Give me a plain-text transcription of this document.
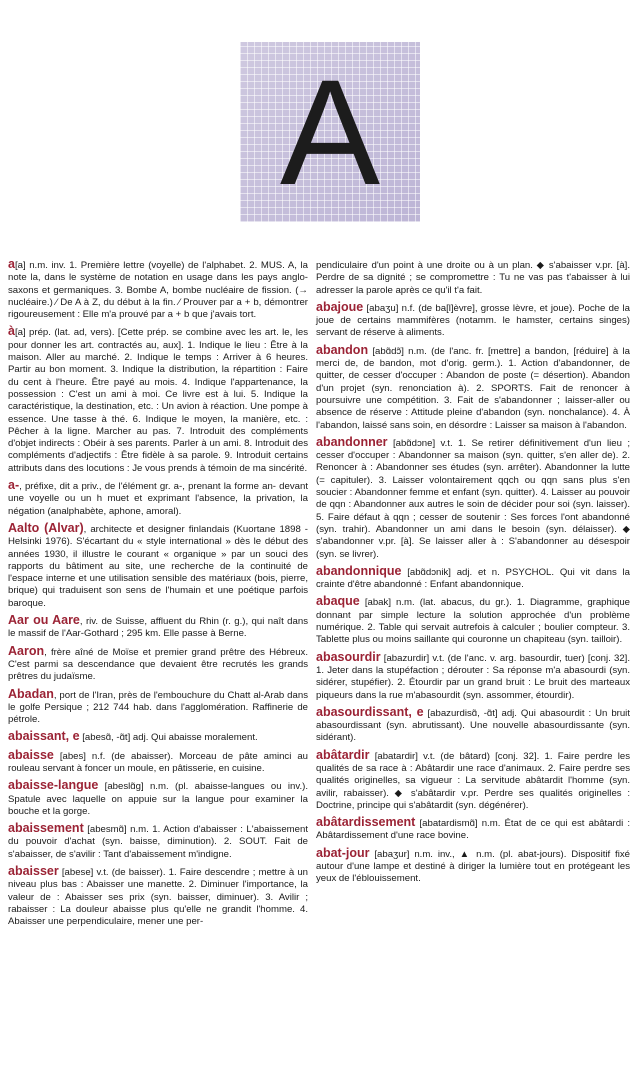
A
a[a] n.m. inv. 1. Première lettre (voyelle) de l'alphabet. 2. MUS. A, la note la, dans le système de notation en usage dans les pays anglo-saxons et germaniques. 3. Bombe A, bombe nucléaire de fission. (→ nucléaire.) ⁄ De A à Z, du début à la fin. ⁄ Prouver par a + b, démontrer rigoureusement : Elle m'a prouvé par a + b que j'avais tort.
à[a] prép. (lat. ad, vers). [Cette prép. se combine avec les art. le, les pour donner les art. contractés au, aux]. 1. Indique le lieu : Être à la maison. Aller au marché. 2. Indique le temps : Arriver à 6 heures. Partir au bon moment. 3. Indique la distribution, la répartition : Faire du cent à l'heure. Être payé au mois. 4. Indique l'appartenance, la possession : C'est un ami à moi. Ce livre est à lui. 5. Indique la caractéristique, la destination, etc. : Un avion à réaction. Une pompe à essence. Une tasse à thé. 6. Indique le moyen, la manière, etc. : Pêcher à la ligne. Marcher au pas. 7. Introduit des compléments d'objet indirects : Obéir à ses parents. Parler à un ami. 8. Introduit des compléments d'adjectifs : Être fidèle à sa parole. 9. Introduit certains attributs dans des locutions : Je vous prends à témoin de ma sincérité.
a-, préfixe, dit a priv., de l'élément gr. a-, prenant la forme an- devant une voyelle ou un h muet et exprimant l'absence, la privation, la négation (analphabète, aphone, amoral).
Aalto (Alvar), architecte et designer finlandais (Kuortane 1898 - Helsinki 1976). S'écartant du « style international » dès le début des années 1930, il illustre le courant « organique » par un souci des rapports du bâtiment au site, une recherche de la continuité de l'espace interne et une utilisation sensible des matériaux (bois, pierre, brique) qui traduisent son sens de l'humain et une poétique parfois baroque.
Aar ou Aare, riv. de Suisse, affluent du Rhin (r. g.), qui naît dans le massif de l'Aar-Gothard ; 295 km. Elle passe à Berne.
Aaron, frère aîné de Moïse et premier grand prêtre des Hébreux. C'est parmi sa descendance que devaient être recrutés les grands prêtres du judaïsme.
Abadan, port de l'Iran, près de l'embouchure du Chatt al-Arab dans le golfe Persique ; 212 744 hab. dans l'agglomération. Raffinerie de pétrole.
abaissant, e [abesɑ̃, -ɑ̃t] adj. Qui abaisse moralement.
abaisse [abes] n.f. (de abaisser). Morceau de pâte aminci au rouleau servant à foncer un moule, en pâtisserie, en cuisine.
abaisse-langue [abeslɑ̃g] n.m. (pl. abaisse-langues ou inv.). Spatule avec laquelle on appuie sur la langue pour examiner la bouche et la gorge.
abaissement [abesmɑ̃] n.m. 1. Action d'abaisser : L'abaissement du pouvoir d'achat (syn. baisse, diminution). 2. SOUT. Fait de s'abaisser, de s'avilir : Tant d'abaissement m'indigne.
abaisser [abese] v.t. (de baisser). 1. Faire descendre ; mettre à un niveau plus bas : Abaisser une manette. 2. Diminuer l'importance, la valeur de : Abaisser ses prix (syn. baisser, diminuer). 3. Avilir ; rabaisser : La douleur abaisse plus qu'elle ne grandit l'homme. 4. Abaisser une perpendiculaire, mener une per-
pendiculaire d'un point à une droite ou à un plan. ◆ s'abaisser v.pr. [à]. Perdre de sa dignité ; se compromettre : Tu ne vas pas t'abaisser à lui adresser la parole après ce qu'il t'a fait.
abajoue [abaʒu] n.f. (de ba[l]èvre], grosse lèvre, et joue). Poche de la joue de certains mammifères (notamm. le hamster, certains singes) servant de réserve à aliments.
abandon [abɑ̃dɔ̃] n.m. (de l'anc. fr. [mettre] a bandon, [réduire] à la merci de, de bandon, mot d'orig. germ.). 1. Action d'abandonner, de quitter, de cesser d'occuper : Abandon de poste (= désertion). Abandon d'un projet (syn. renonciation à). 2. SPORTS. Fait de renoncer à poursuivre une compétition. 3. Fait de s'abandonner ; laisser-aller ou absence de réserve : Attitude pleine d'abandon (syn. nonchalance). 4. À l'abandon, laissé sans soin, en désordre : Laisser sa maison à l'abandon.
abandonner [abɑ̃dɔne] v.t. 1. Se retirer définitivement d'un lieu ; cesser d'occuper : Abandonner sa maison (syn. quitter, s'en aller de). 2. Renoncer à : Abandonner ses études (syn. arrêter). Abandonner la lutte (= capituler). 3. Laisser volontairement qqch ou qqn sans plus s'en soucier : Abandonner femme et enfant (syn. quitter). 4. Laisser au pouvoir de qqn : Abandonner aux autres le soin de décider pour soi (syn. laisser). 5. Faire défaut à qqn ; cesser de soutenir : Ses forces l'ont abandonné (syn. trahir). Abandonner un ami dans le besoin (syn. délaisser). ◆ s'abandonner v.pr. [à]. Se laisser aller à : S'abandonner au désespoir (syn. se livrer).
abandonnique [abɑ̃dɔnik] adj. et n. PSYCHOL. Qui vit dans la crainte d'être abandonné : Enfant abandonnique.
abaque [abak] n.m. (lat. abacus, du gr.). 1. Diagramme, graphique donnant par simple lecture la solution approchée d'un problème numérique. 2. Table qui servait autrefois à calculer ; boulier compteur. 3. Tablette plus ou moins saillante qui couronne un chapiteau (syn. tailloir).
abasourdir [abazurdir] v.t. (de l'anc. v. arg. basourdir, tuer) [conj. 32]. 1. Jeter dans la stupéfaction ; dérouter : Sa réponse m'a abasourdi (syn. sidérer, stupéfier). 2. Étourdir par un grand bruit : Le bruit des marteaux piqueurs dans la rue m'abasourdit (syn. assommer, étourdir).
abasourdissant, e [abazurdisɑ̃, -ɑ̃t] adj. Qui abasourdit : Un bruit abasourdissant (syn. abrutissant). Une nouvelle abasourdissante (syn. sidérant).
abâtardir [abatardir] v.t. (de bâtard) [conj. 32]. 1. Faire perdre les qualités de sa race à : Abâtardir une race d'animaux. 2. Faire perdre ses qualités originelles, sa vigueur : La servitude abâtardit l'homme (syn. avilir, rabaisser). ◆ s'abâtardir v.pr. Perdre ses qualités originelles : Doctrine, principe qui s'abâtardit (syn. dégénérer).
abâtardissement [abatardismɑ̃] n.m. État de ce qui est abâtardi : Abâtardissement d'une race bovine.
abat-jour [abaʒur] n.m. inv., ▲ n.m. (pl. abat-jours). Dispositif fixé autour d'une lampe et destiné à diriger la lumière tout en protégeant les yeux de l'éblouissement.
